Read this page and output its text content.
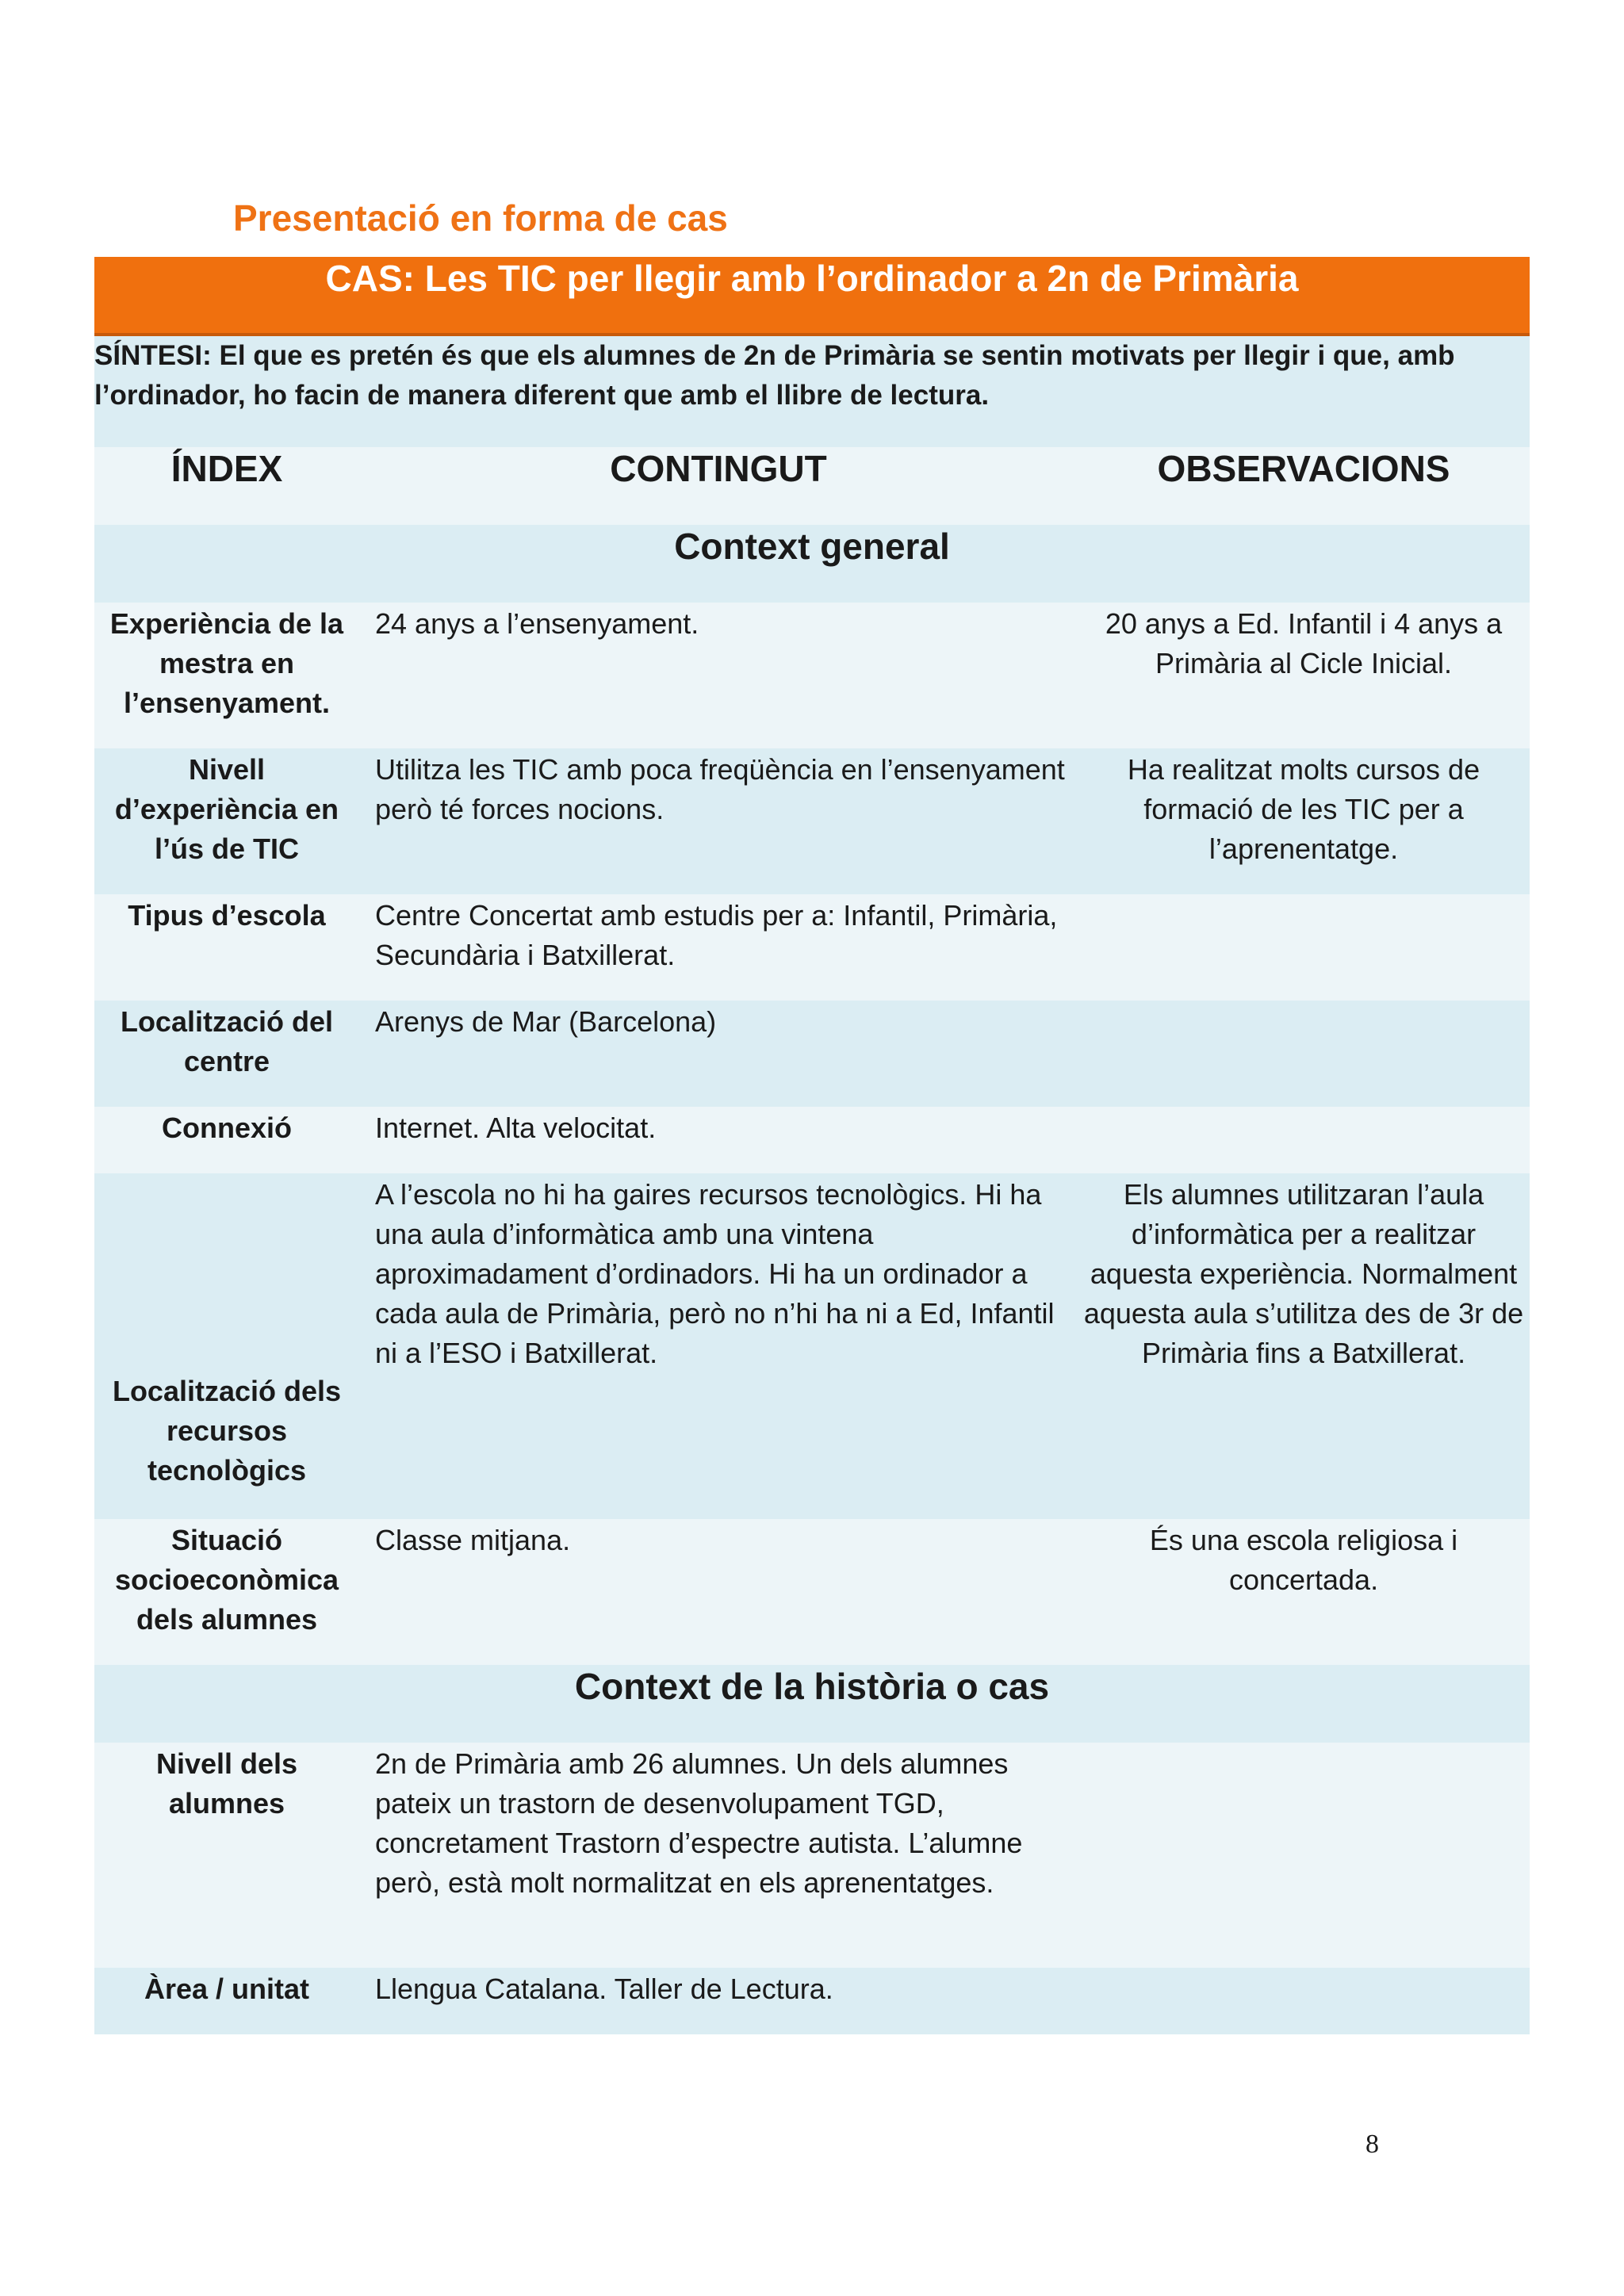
Presentació en forma de cas
CAS: Les TIC per llegir amb l’ordinador a 2n de Primària		
SÍNTESI: El que es pretén és que els alumnes de 2n de Primària se sentin motivats per llegir i que, amb l’ordinador, ho facin de manera diferent que amb el llibre de lectura.		
ÍNDEX	CONTINGUT	OBSERVACIONS
Context general		
Experiència de la mestra en l’ensenyament.	24 anys a l’ensenyament.	20 anys a Ed. Infantil i 4 anys a Primària al Cicle Inicial.
Nivell d’experiència en l’ús de TIC	Utilitza les TIC amb poca freqüència en l’ensenyament però té forces nocions.	Ha realitzat molts cursos de formació de les TIC per a l’aprenentatge.
Tipus d’escola	Centre Concertat amb estudis per a: Infantil, Primària, Secundària i Batxillerat.	
Localització del centre	Arenys de Mar (Barcelona)	
Connexió	Internet. Alta velocitat.	
Localització dels recursos tecnològics	A l’escola no hi ha gaires recursos tecnològics. Hi ha una aula d’informàtica amb una vintena aproximadament d’ordinadors. Hi ha un ordinador a cada aula de Primària, però no n’hi ha ni a Ed, Infantil ni a l’ESO i Batxillerat.	Els alumnes utilitzaran l’aula d’informàtica per a realitzar aquesta experiència. Normalment aquesta aula s’utilitza des de 3r de Primària fins a Batxillerat.
Situació socioeconòmica dels alumnes	Classe mitjana.	És una escola religiosa i concertada.
Context de la història o cas		
Nivell dels alumnes	2n de Primària amb 26 alumnes. Un dels alumnes pateix un trastorn de desenvolupament TGD, concretament Trastorn d’espectre autista. L’alumne però, està molt normalitzat en els aprenentatges.	
Àrea / unitat	Llengua Catalana. Taller de Lectura.	
8
